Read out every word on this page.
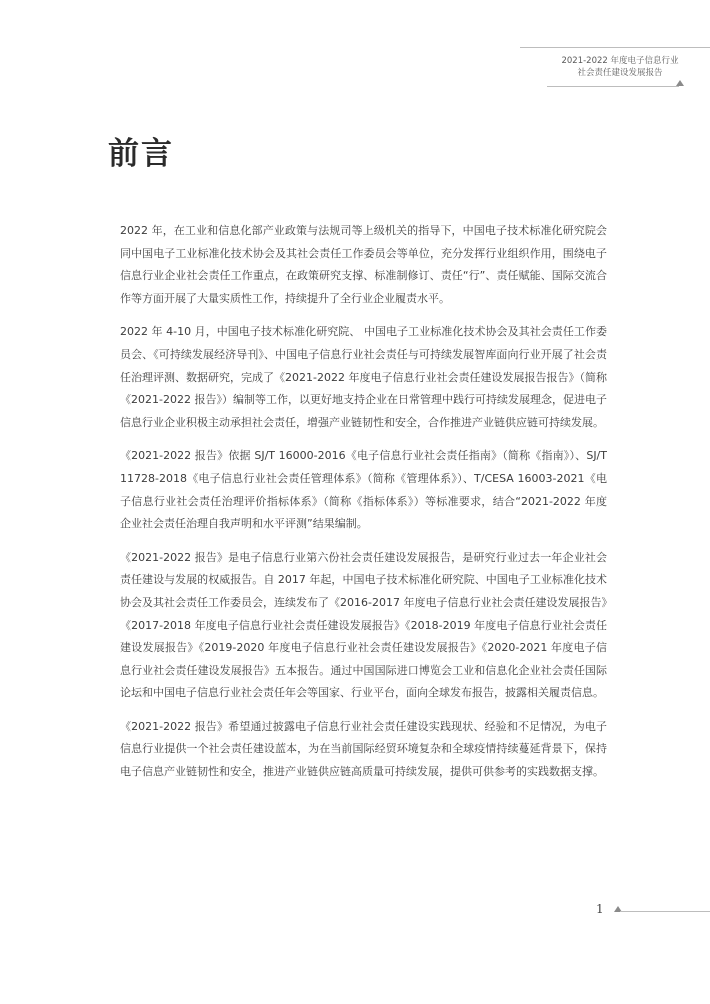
2021-2022 年度电子信息行业
社会责任建设发展报告
前言

2022 年，在工业和信息化部产业政策与法规司等上级机关的指导下，中国电子技术标准化研究院会同中国电子工业标准化技术协会及其社会责任工作委员会等单位，充分发挥行业组织作用，围绕电子信息行业企业社会责任工作重点，在政策研究支撑、标准制修订、责任“行”、责任赋能、国际交流合作等方面开展了大量实质性工作，持续提升了全行业企业履责水平。

2022 年 4-10 月，中国电子技术标准化研究院、 中国电子工业标准化技术协会及其社会责任工作委员会、《可持续发展经济导刊》、中国电子信息行业社会责任与可持续发展智库面向行业开展了社会责任治理评测、数据研究，完成了《2021-2022 年度电子信息行业社会责任建设发展报告报告》（简称《2021-2022 报告》）编制等工作，以更好地支持企业在日常管理中践行可持续发展理念，促进电子信息行业企业积极主动承担社会责任，增强产业链韧性和安全，合作推进产业链供应链可持续发展。

《2021-2022 报告》依据 SJ/T 16000-2016《电子信息行业社会责任指南》（简称《指南》）、SJ/T 11728-2018《电子信息行业社会责任管理体系》（简称《管理体系》）、T/CESA 16003-2021《电子信息行业社会责任治理评价指标体系》（简称《指标体系》）等标准要求，结合“2021-2022 年度企业社会责任治理自我声明和水平评测”结果编制。

《2021-2022 报告》是电子信息行业第六份社会责任建设发展报告，是研究行业过去一年企业社会责任建设与发展的权威报告。自 2017 年起，中国电子技术标准化研究院、中国电子工业标准化技术协会及其社会责任工作委员会，连续发布了《2016-2017 年度电子信息行业社会责任建设发展报告》《2017-2018 年度电子信息行业社会责任建设发展报告》《2018-2019 年度电子信息行业社会责任建设发展报告》《2019-2020 年度电子信息行业社会责任建设发展报告》《2020-2021 年度电子信息行业社会责任建设发展报告》五本报告。通过中国国际进口博览会工业和信息化企业社会责任国际论坛和中国电子信息行业社会责任年会等国家、行业平台，面向全球发布报告，披露相关履责信息。

《2021-2022 报告》希望通过披露电子信息行业社会责任建设实践现状、经验和不足情况，为电子信息行业提供一个社会责任建设蓝本，为在当前国际经贸环境复杂和全球疫情持续蔓延背景下，保持电子信息产业链韧性和安全，推进产业链供应链高质量可持续发展，提供可供参考的实践数据支撑。

1
